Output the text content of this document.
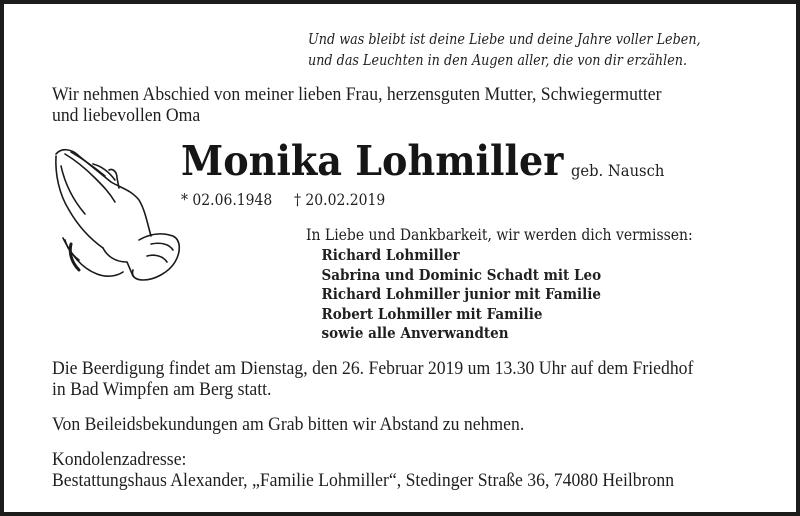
Und was bleibt ist deine Liebe und deine Jahre voller Leben,
und das Leuchten in den Augen aller, die von dir erzählen.
Wir nehmen Abschied von meiner lieben Frau, herzensguten Mutter, Schwiegermutter
und liebevollen Oma
Monika Lohmiller geb. Nausch
* 02.06.1948 † 20.02.2019
In Liebe und Dankbarkeit, wir werden dich vermissen:
Richard Lohmiller
Sabrina und Dominic Schadt mit Leo
Richard Lohmiller junior mit Familie
Robert Lohmiller mit Familie
sowie alle Anverwandten
Die Beerdigung findet am Dienstag, den 26. Februar 2019 um 13.30 Uhr auf dem Friedhof
in Bad Wimpfen am Berg statt.
Von Beileidsbekundungen am Grab bitten wir Abstand zu nehmen.
Kondolenzadresse:
Bestattungshaus Alexander, „Familie Lohmiller“, Stedinger Straße 36, 74080 Heilbronn
